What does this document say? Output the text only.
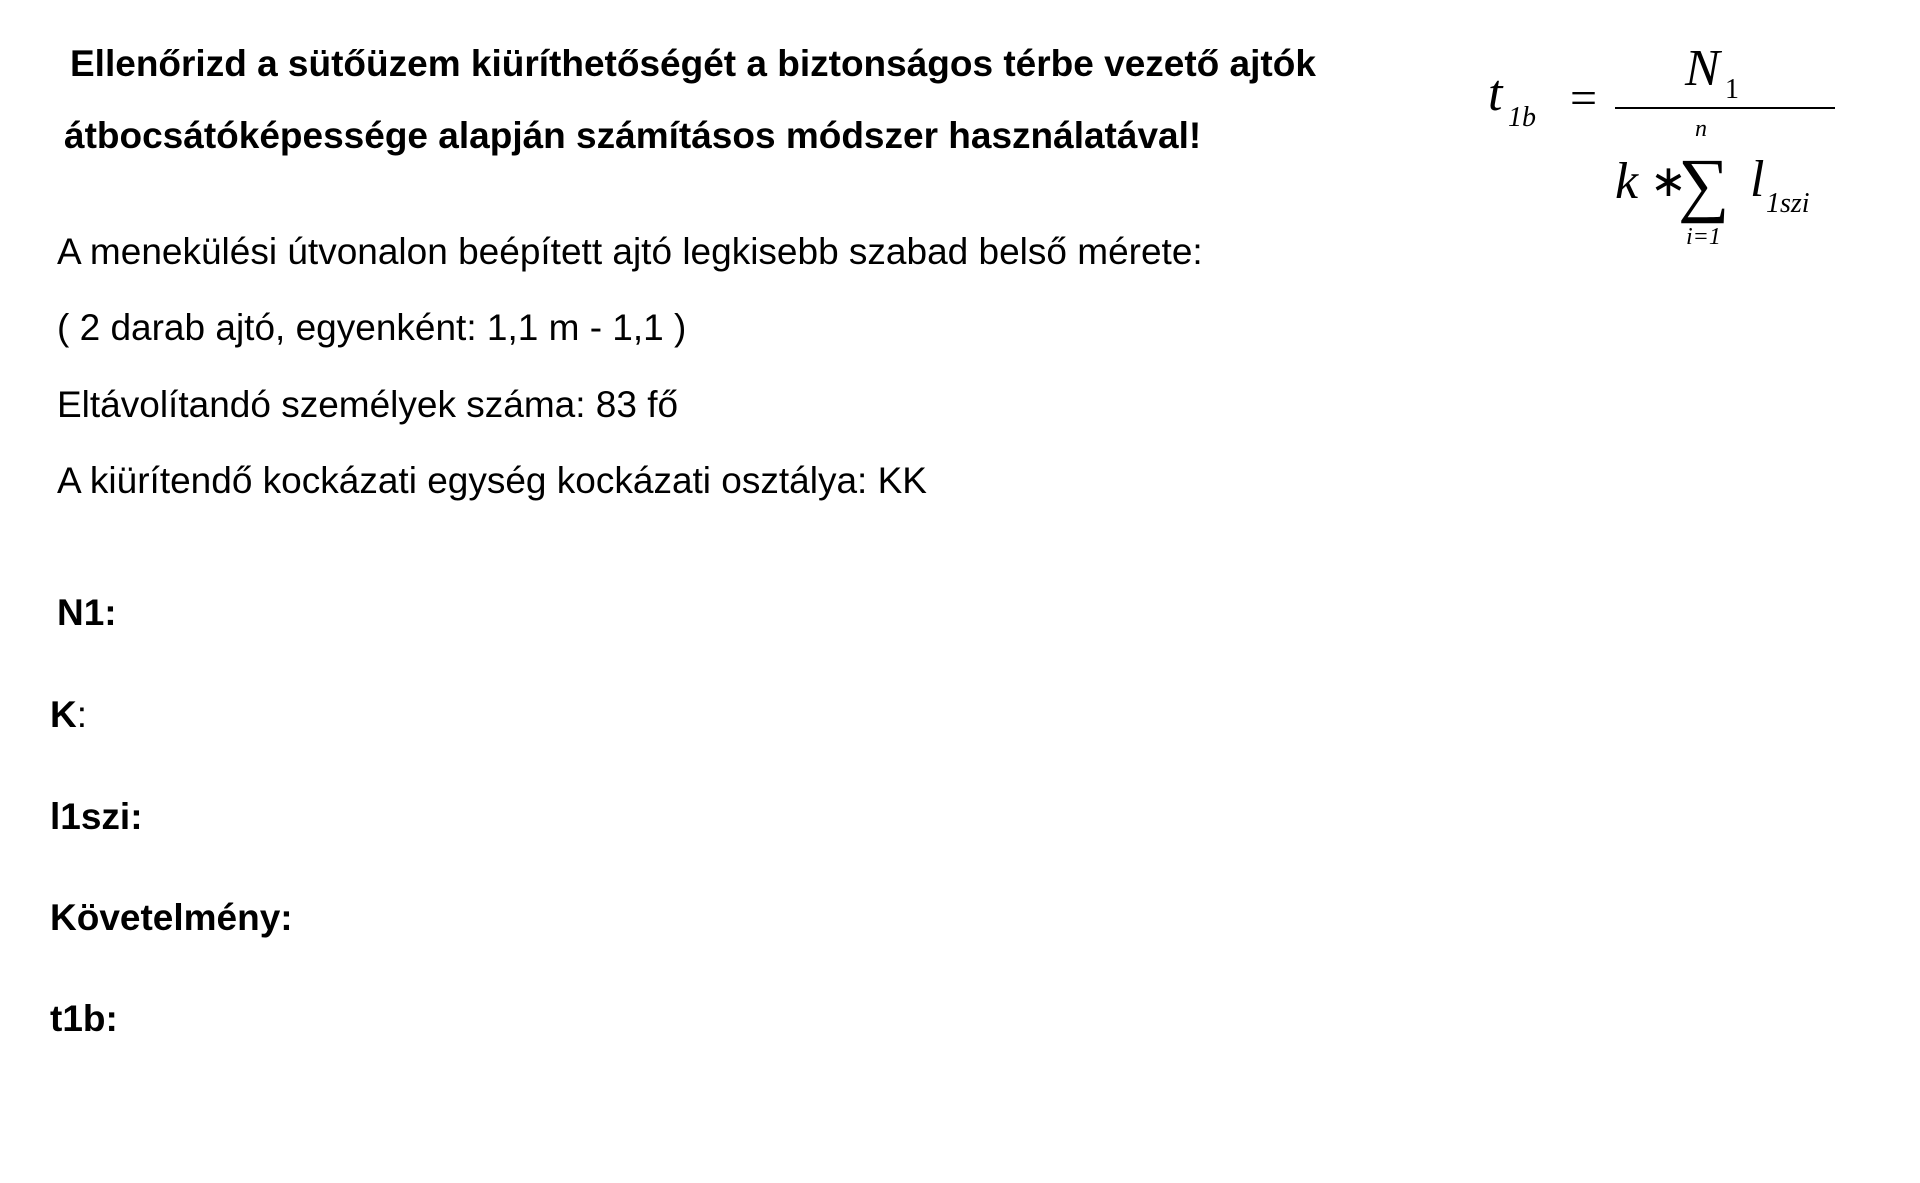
Ellenőrizd a sütőüzem kiüríthetőségét a biztonságos térbe vezető ajtók
átbocsátóképessége alapján számításos módszer használatával!
t 1b =
N 1
k ∗
n
∑
i=1
l 1szi
A menekülési útvonalon beépített ajtó legkisebb szabad belső mérete:
( 2 darab ajtó, egyenként: 1,1 m - 1,1 )
Eltávolítandó személyek száma: 83 fő
A kiürítendő kockázati egység kockázati osztálya: KK
N1:
K:
l1szi:
Követelmény:
t1b:
